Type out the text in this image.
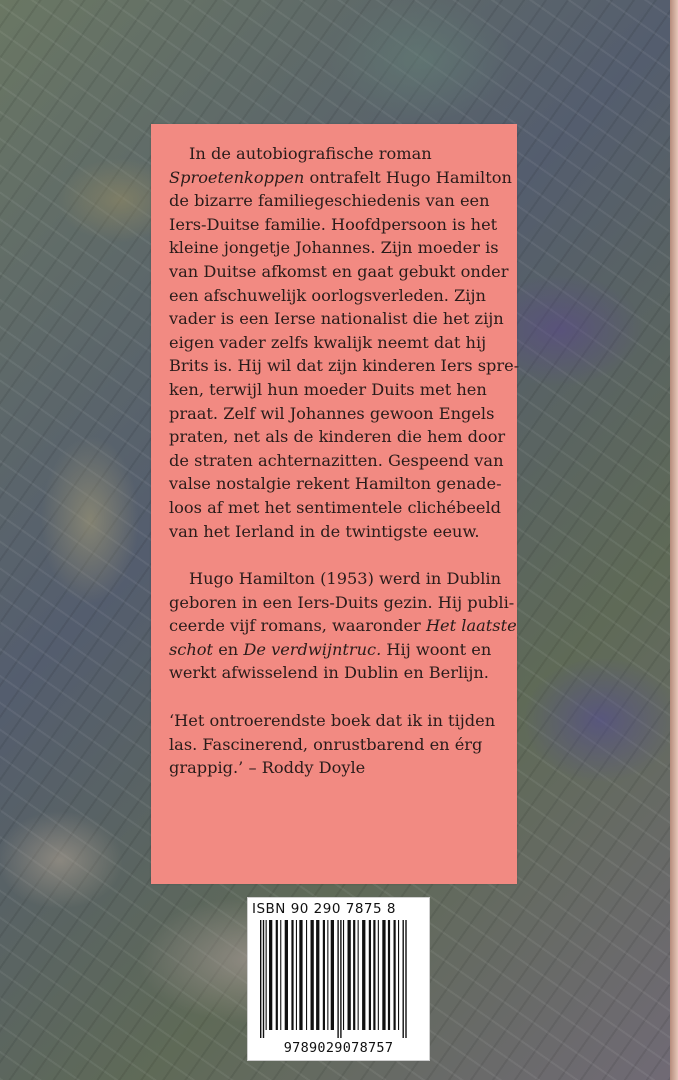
In de autobiografische roman
Sproetenkoppen ontrafelt Hugo Hamilton
de bizarre familiegeschiedenis van een
Iers-Duitse familie. Hoofdpersoon is het
kleine jongetje Johannes. Zijn moeder is
van Duitse afkomst en gaat gebukt onder
een afschuwelijk oorlogsverleden. Zijn
vader is een Ierse nationalist die het zijn
eigen vader zelfs kwalijk neemt dat hij
Brits is. Hij wil dat zijn kinderen Iers spre-
ken, terwijl hun moeder Duits met hen
praat. Zelf wil Johannes gewoon Engels
praten, net als de kinderen die hem door
de straten achternazitten. Gespeend van
valse nostalgie rekent Hamilton genade-
loos af met het sentimentele clichébeeld
van het Ierland in de twintigste eeuw.

Hugo Hamilton (1953) werd in Dublin
geboren in een Iers-Duits gezin. Hij publi-
ceerde vijf romans, waaronder Het laatste
schot en De verdwijntruc. Hij woont en
werkt afwisselend in Dublin en Berlijn.

‘Het ontroerendste boek dat ik in tijden
las. Fascinerend, onrustbarend en érg
grappig.’ – Roddy Doyle

ISBN 90 290 7875 8
9789029078757
